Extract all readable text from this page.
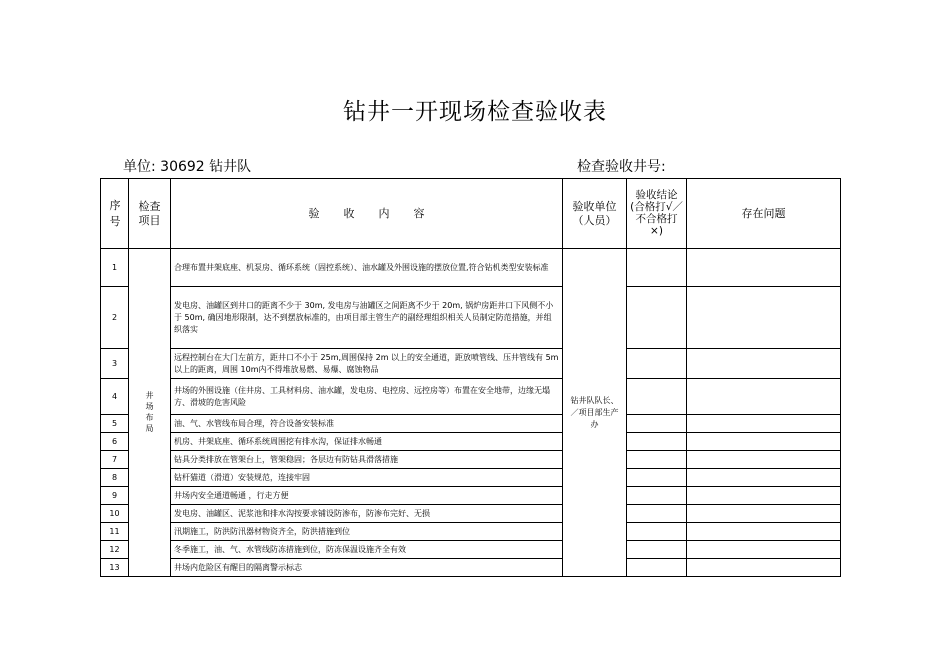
钻井一开现场检查验收表
单位: 30692 钻井队	检查验收井号:
序号	检查项目	验收内容	验收单位（人员）	验收结论(合格打√／不合格打×)	存在问题
1	井场布局	合理布置井架底座、机泵房、循环系统（固控系统）、油水罐及外围设施的摆放位置,符合钻机类型安装标准	钻井队队长、／项目部生产办		
2		发电房、油罐区到井口的距离不少于 30m, 发电房与油罐区之间距离不少于 20m, 锅炉房距井口下风侧不小于 50m, 确因地形限制，达不到摆放标准的，由项目部主管生产的副经理组织相关人员制定防范措施，并组织落实			
3		远程控制台在大门左前方，距井口不小于 25m,周围保持 2m 以上的安全通道，距放喷管线、压井管线有 5m以上的距离，周围 10m内不得堆放易燃、易爆、腐蚀物品			
4		井场的外围设施（住井房、工具材料房、油水罐，发电房、电控房、远控房等）布置在安全地带，边缘无塌方、滑坡的危害风险			
5		油、气、水管线布局合理，符合设备安装标准			
6		机房、井架底座、循环系统周围挖有排水沟，保证排水畅通			
7		钻具分类排放在管架台上，管架稳固；各层边有防钻具滑落措施			
8		钻杆猫道（滑道）安装规范，连接牢固			
9		井场内安全通道畅通 ，行走方便			
10		发电房、油罐区、泥浆池和排水沟按要求铺设防渗布，防渗布完好、无损			
11		汛期施工，防洪防汛器材物资齐全，防洪措施到位			
12		冬季施工，油、气、水管线防冻措施到位，防冻保温设施齐全有效			
13		井场内危险区有醒目的隔离警示标志			
